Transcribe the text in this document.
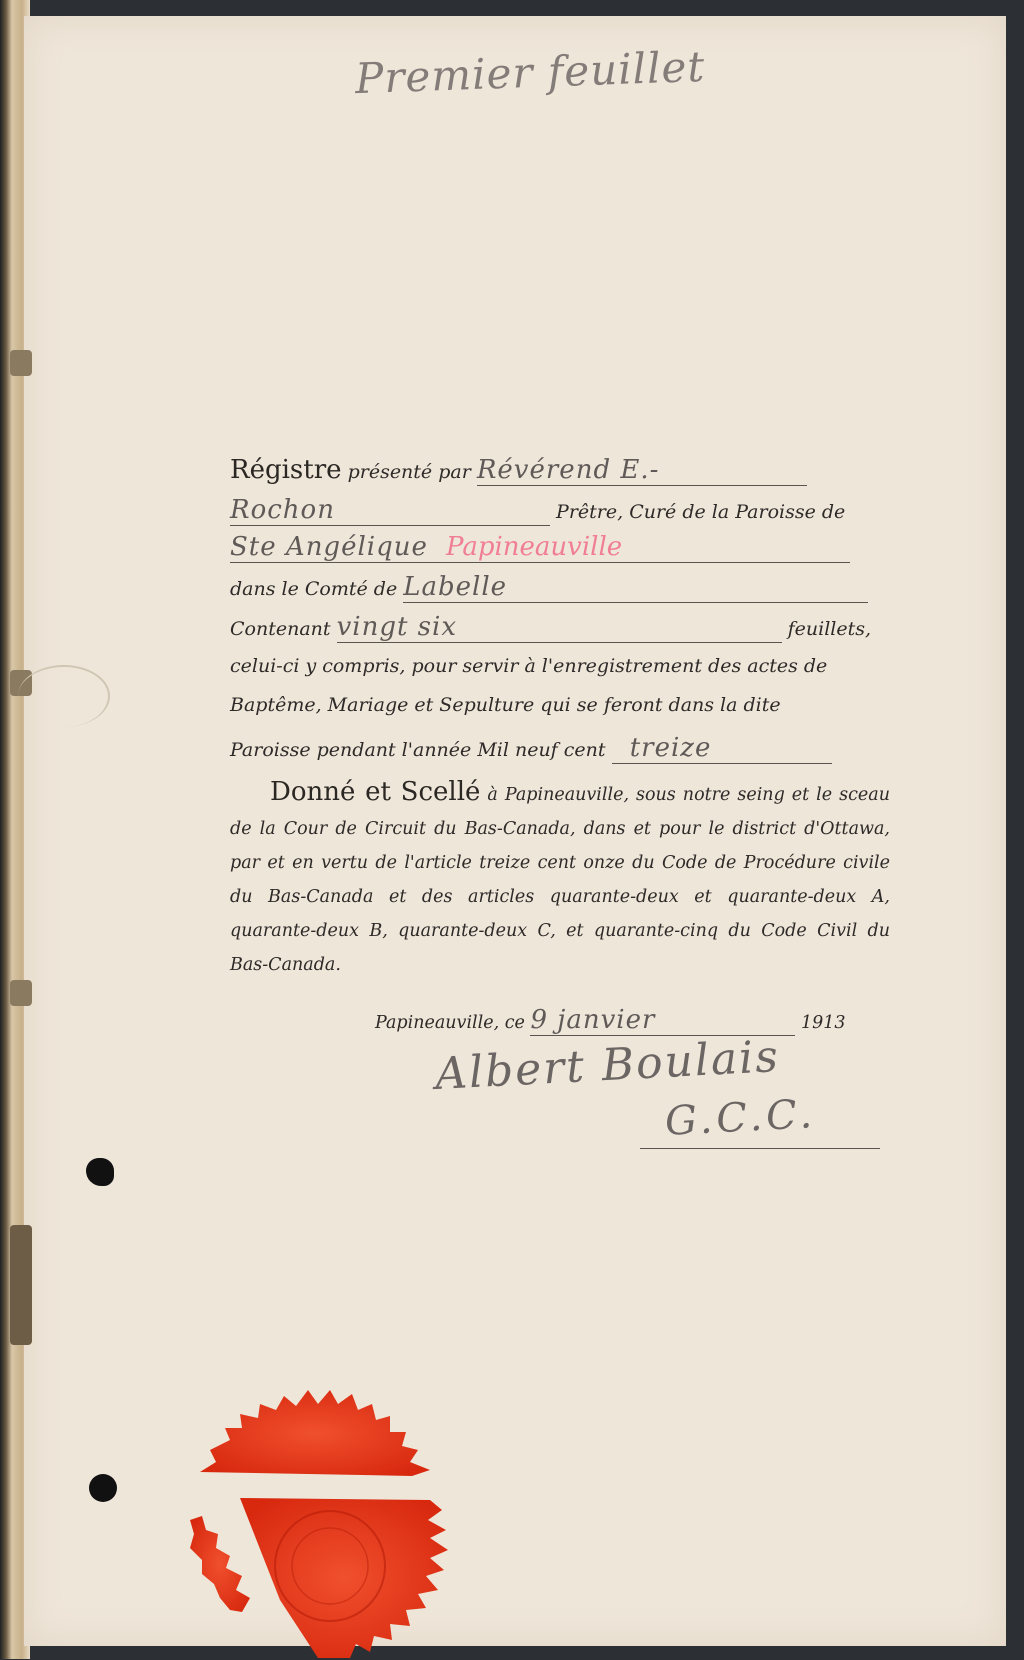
Premier feuillet
Régistre présenté par Révérend E.-
Rochon	Prêtre, Curé de la Paroisse de
Ste Angélique Papineauville
dans le Comté de Labelle
Contenant vingt six	feuillets,
celui-ci y compris, pour servir à l'enregistrement des actes de
Baptême, Mariage et Sepulture qui se feront dans la dite
Paroisse pendant l'année Mil neuf cent treize
Donné et Scellé à Papineauville, sous notre seing et le sceau de la Cour de Circuit du Bas-Canada, dans et pour le district d'Ottawa, par et en vertu de l'article treize cent onze du Code de Procédure civile du Bas-Canada et des articles quarante-deux et quarante-deux A, quarante-deux B, quarante-deux C, et quarante-cinq du Code Civil du Bas-Canada.
Papineauville, ce 9 janvier	1913
Albert Boulais
G.C.C.
